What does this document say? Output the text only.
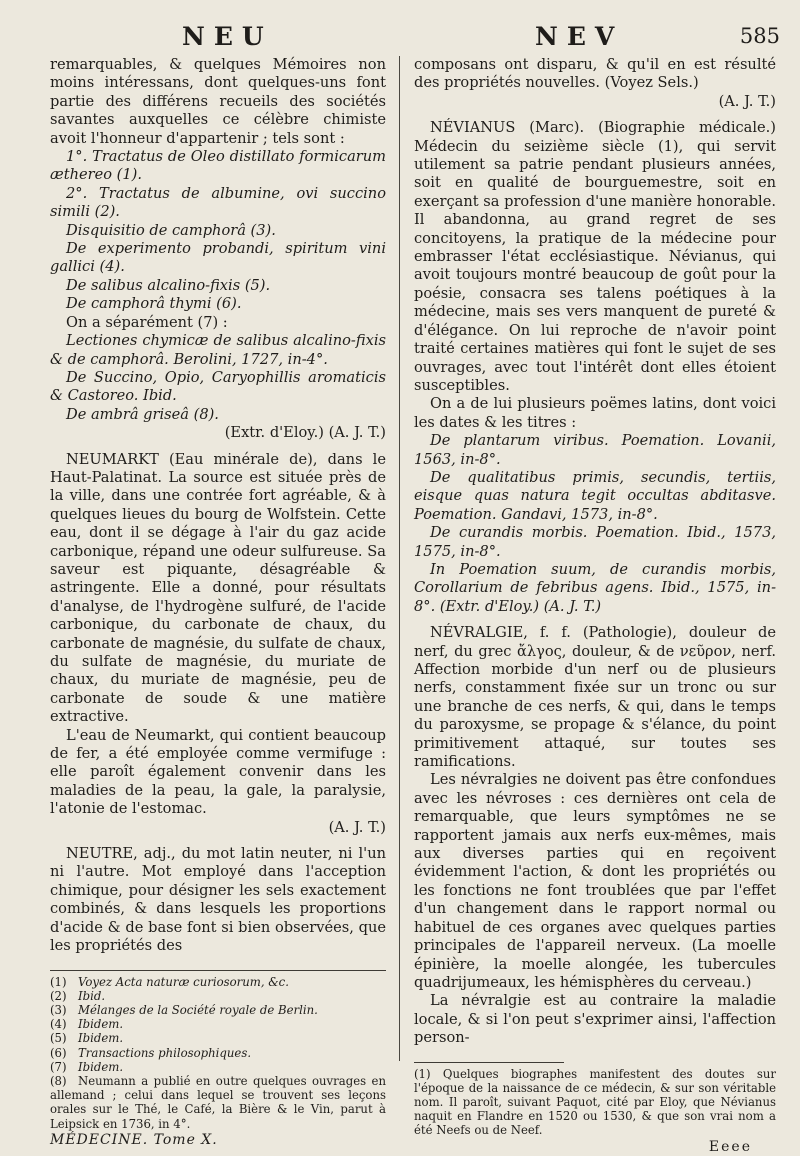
NEU	NEV	585

remarquables, & quelques Mémoires non moins intéressans, dont quelques-uns font partie des différens recueils des sociétés savantes auxquelles ce célèbre chimiste avoit l'honneur d'appartenir ; tels sont :

1°. Tractatus de Oleo distillato formicarum æthereo (1).

2°. Tractatus de albumine, ovi succino simili (2).

Disquisitio de camphorâ (3).

De experimento probandi, spiritum vini gallici (4).

De salibus alcalino-fixis (5).

De camphorâ thymi (6).

On a séparément (7) :

Lectiones chymicæ de salibus alcalino-fixis & de camphorâ. Berolini, 1727, in-4°.

De Succino, Opio, Caryophillis aromaticis & Castoreo. Ibid.

De ambrâ griseâ (8).

(Extr. d'Eloy.) (A. J. T.)

NEUMARKT (Eau minérale de), dans le Haut-Palatinat. La source est située près de la ville, dans une contrée fort agréable, & à quelques lieues du bourg de Wolfstein. Cette eau, dont il se dégage à l'air du gaz acide carbonique, répand une odeur sulfureuse. Sa saveur est piquante, désagréable & astringente. Elle a donné, pour résultats d'analyse, de l'hydrogène sulfuré, de l'acide carbonique, du carbonate de chaux, du carbonate de magnésie, du sulfate de chaux, du sulfate de magnésie, du muriate de chaux, du muriate de magnésie, peu de carbonate de soude & une matière extractive.

L'eau de Neumarkt, qui contient beaucoup de fer, a été employée comme vermifuge : elle paroît également convenir dans les maladies de la peau, la gale, la paralysie, l'atonie de l'estomac.

(A. J. T.)

NEUTRE, adj., du mot latin neuter, ni l'un ni l'autre. Mot employé dans l'acception chimique, pour désigner les sels exactement combinés, & dans lesquels les proportions d'acide & de base font si bien observées, que les propriétés des

(1) Voyez Acta naturæ curiosorum, &c.

(2) Ibid.

(3) Mélanges de la Société royale de Berlin.

(4) Ibidem.

(5) Ibidem.

(6) Transactions philosophiques.

(7) Ibidem.

(8) Neumann a publié en outre quelques ouvrages en allemand ; celui dans lequel se trouvent ses leçons orales sur le Thé, le Café, la Bière & le Vin, parut à Leipsick en 1736, in 4°.

MÉDECINE. Tome X.

composans ont disparu, & qu'il en est résulté des propriétés nouvelles. (Voyez Sels.)

(A. J. T.)

NÉVIANUS (Marc). (Biographie médicale.) Médecin du seizième siècle (1), qui servit utilement sa patrie pendant plusieurs années, soit en qualité de bourguemestre, soit en exerçant sa profession d'une manière honorable. Il abandonna, au grand regret de ses concitoyens, la pratique de la médecine pour embrasser l'état ecclésiastique. Névianus, qui avoit toujours montré beaucoup de goût pour la poésie, consacra ses talens poétiques à la médecine, mais ses vers manquent de pureté & d'élégance. On lui reproche de n'avoir point traité certaines matières qui font le sujet de ses ouvrages, avec tout l'intérêt dont elles étoient susceptibles.

On a de lui plusieurs poëmes latins, dont voici les dates & les titres :

De plantarum viribus. Poemation. Lovanii, 1563, in-8°.

De qualitatibus primis, secundis, tertiis, eisque quas natura tegit occultas abditasve. Poemation. Gandavi, 1573, in-8°.

De curandis morbis. Poemation. Ibid., 1573, 1575, in-8°.

In Poemation suum, de curandis morbis, Corollarium de febribus agens. Ibid., 1575, in-8°. (Extr. d'Eloy.) (A. J. T.)

NÉVRALGIE, f. f. (Pathologie), douleur de nerf, du grec ἄλγος, douleur, & de νεῦρον, nerf. Affection morbide d'un nerf ou de plusieurs nerfs, constamment fixée sur un tronc ou sur une branche de ces nerfs, & qui, dans le temps du paroxysme, se propage & s'élance, du point primitivement attaqué, sur toutes ses ramifications.

Les névralgies ne doivent pas être confondues avec les névroses : ces dernières ont cela de remarquable, que leurs symptômes ne se rapportent jamais aux nerfs eux-mêmes, mais aux diverses parties qui en reçoivent évidemment l'action, & dont les propriétés ou les fonctions ne font troublées que par l'effet d'un changement dans le rapport normal ou habituel de ces organes avec quelques parties principales de l'appareil nerveux. (La moelle épinière, la moelle alongée, les tubercules quadrijumeaux, les hémisphères du cerveau.)

La névralgie est au contraire la maladie locale, & si l'on peut s'exprimer ainsi, l'affection person-

(1) Quelques biographes manifestent des doutes sur l'époque de la naissance de ce médecin, & sur son véritable nom. Il paroît, suivant Paquot, cité par Eloy, que Névianus naquit en Flandre en 1520 ou 1530, & que son vrai nom a été Neefs ou de Neef.

Eeee
